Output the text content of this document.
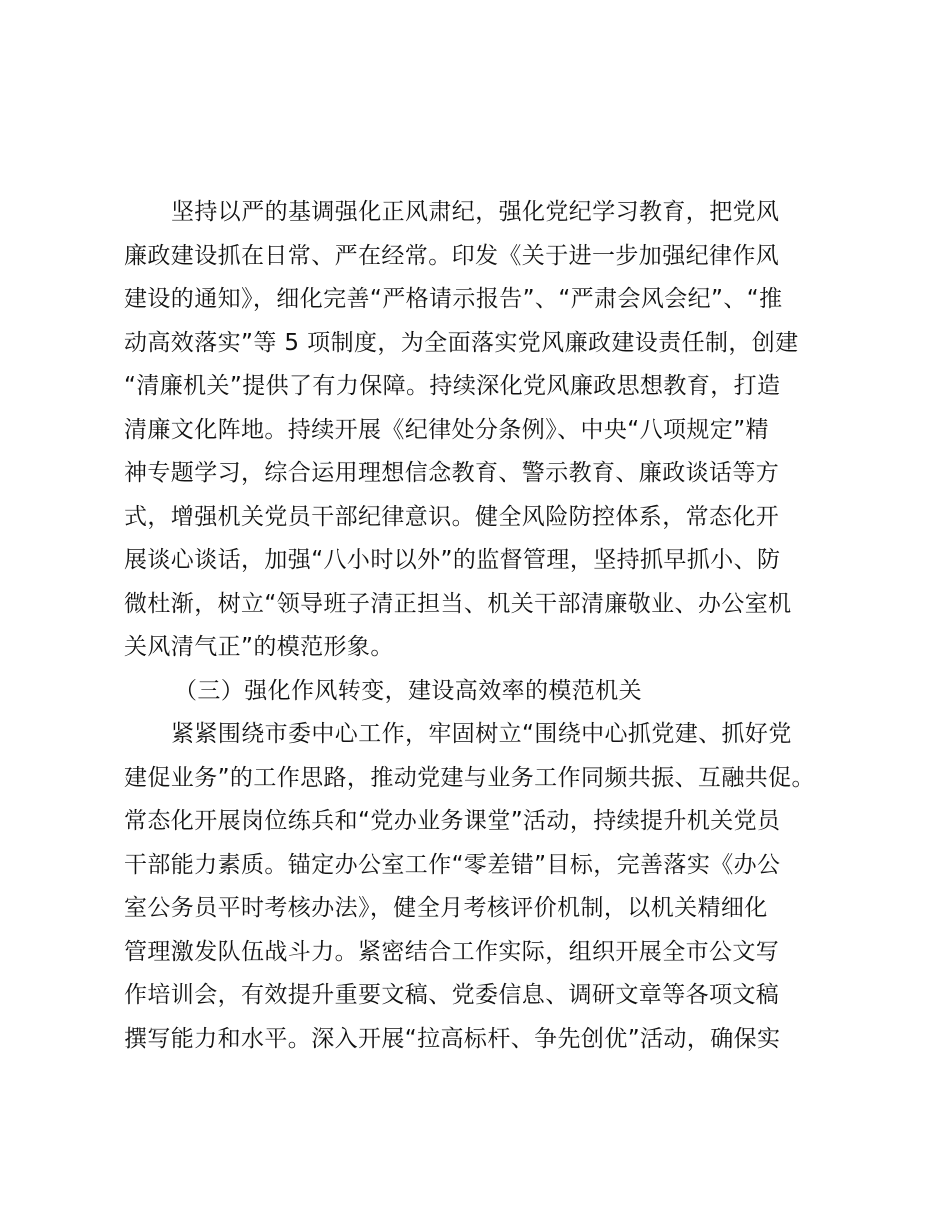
坚持以严的基调强化正风肃纪，强化党纪学习教育，把党风
廉政建设抓在日常、严在经常。印发《关于进一步加强纪律作风
建设的通知》，细化完善“严格请示报告”、“严肃会风会纪”、“推
动高效落实”等 5 项制度，为全面落实党风廉政建设责任制，创建
“清廉机关”提供了有力保障。持续深化党风廉政思想教育，打造
清廉文化阵地。持续开展《纪律处分条例》、中央“八项规定”精
神专题学习，综合运用理想信念教育、警示教育、廉政谈话等方
式，增强机关党员干部纪律意识。健全风险防控体系，常态化开
展谈心谈话，加强“八小时以外”的监督管理，坚持抓早抓小、防
微杜渐，树立“领导班子清正担当、机关干部清廉敬业、办公室机
关风清气正”的模范形象。
（三）强化作风转变，建设高效率的模范机关
紧紧围绕市委中心工作，牢固树立“围绕中心抓党建、抓好党
建促业务”的工作思路，推动党建与业务工作同频共振、互融共促。
常态化开展岗位练兵和“党办业务课堂”活动，持续提升机关党员
干部能力素质。锚定办公室工作“零差错”目标，完善落实《办公
室公务员平时考核办法》，健全月考核评价机制，以机关精细化
管理激发队伍战斗力。紧密结合工作实际，组织开展全市公文写
作培训会，有效提升重要文稿、党委信息、调研文章等各项文稿
撰写能力和水平。深入开展“拉高标杆、争先创优”活动，确保实
